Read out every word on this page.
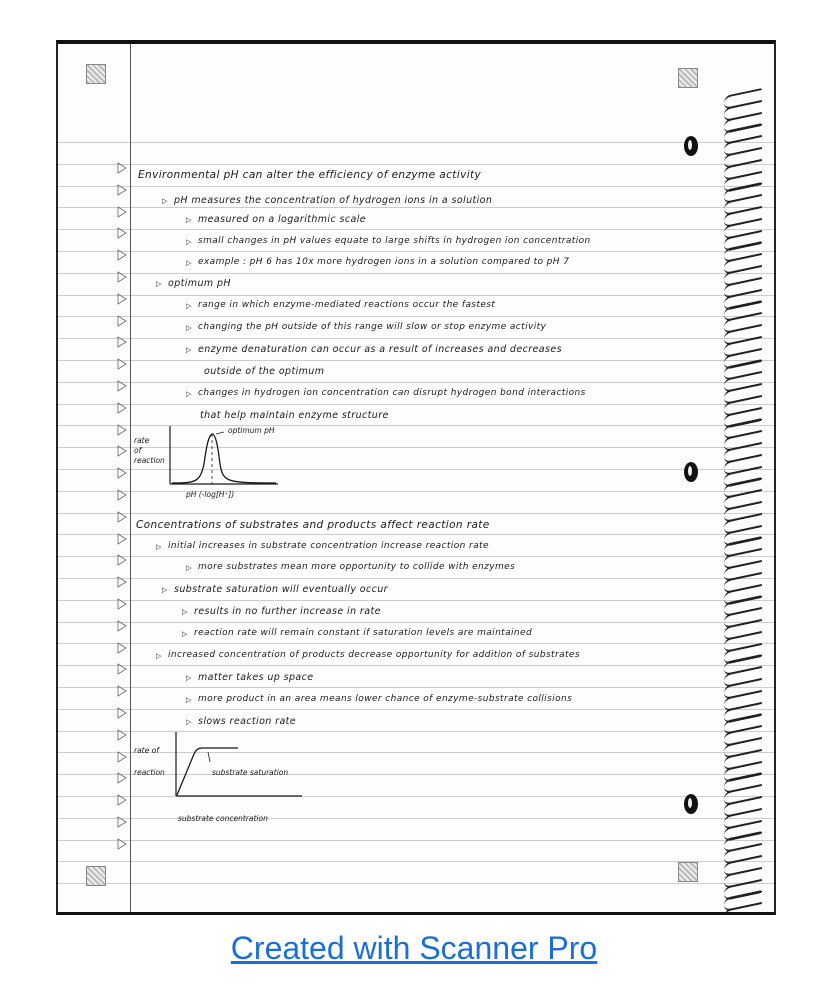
Environmental pH can alter the efficiency of enzyme activity
▷ pH measures the concentration of hydrogen ions in a solution
▷ measured on a logarithmic scale
▷ small changes in pH values equate to large shifts in hydrogen ion concentration
▷ example : pH 6 has 10x more hydrogen ions in a solution compared to pH 7
▷ optimum pH
▷ range in which enzyme-mediated reactions occur the fastest
▷ changing the pH outside of this range will slow or stop enzyme activity
▷ enzyme denaturation can occur as a result of increases and decreases
outside of the optimum
▷ changes in hydrogen ion concentration can disrupt hydrogen bond interactions
that help maintain enzyme structure
rate
of
reaction
optimum pH
pH (-log[H⁺])
Concentrations of substrates and products affect reaction rate
▷ initial increases in substrate concentration increase reaction rate
▷ more substrates mean more opportunity to collide with enzymes
▷ substrate saturation will eventually occur
▷ results in no further increase in rate
▷ reaction rate will remain constant if saturation levels are maintained
▷ increased concentration of products decrease opportunity for addition of substrates
▷ matter takes up space
▷ more product in an area means lower chance of enzyme-substrate collisions
▷ slows reaction rate
rate of
reaction	substrate saturation
substrate concentration
Created with Scanner Pro
